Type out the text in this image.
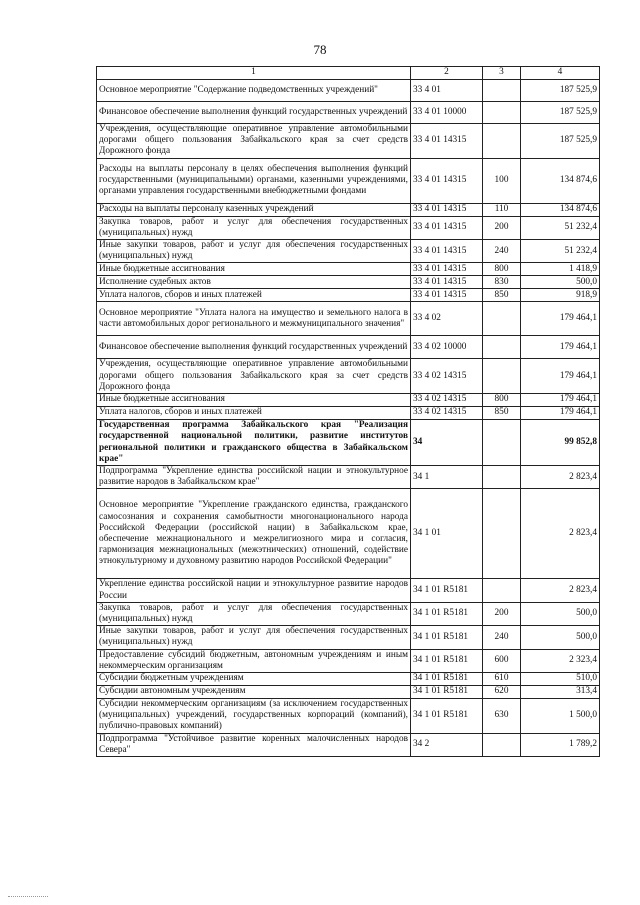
78
1	2	3	4
Основное мероприятие "Содержание подведомственных учреждений"	33 4 01		187 525,9
Финансовое обеспечение выполнения функций государственных учреждений	33 4 01 10000		187 525,9
Учреждения, осуществляющие оперативное управление автомобильными дорогами общего пользования Забайкальского края за счет средств Дорожного фонда	33 4 01 14315		187 525,9
Расходы на выплаты персоналу в целях обеспечения выполнения функций государственными (муниципальными) органами, казенными учреждениями, органами управления государственными внебюджетными фондами	33 4 01 14315	100	134 874,6
Расходы на выплаты персоналу казенных учреждений	33 4 01 14315	110	134 874,6
Закупка товаров, работ и услуг для обеспечения государственных (муниципальных) нужд	33 4 01 14315	200	51 232,4
Иные закупки товаров, работ и услуг для обеспечения государственных (муниципальных) нужд	33 4 01 14315	240	51 232,4
Иные бюджетные ассигнования	33 4 01 14315	800	1 418,9
Исполнение судебных актов	33 4 01 14315	830	500,0
Уплата налогов, сборов и иных платежей	33 4 01 14315	850	918,9
Основное мероприятие "Уплата налога на имущество и земельного налога в части автомобильных дорог регионального и межмуниципального значения"	33 4 02		179 464,1
Финансовое обеспечение выполнения функций государственных учреждений	33 4 02 10000		179 464,1
Учреждения, осуществляющие оперативное управление автомобильными дорогами общего пользования Забайкальского края за счет средств Дорожного фонда	33 4 02 14315		179 464,1
Иные бюджетные ассигнования	33 4 02 14315	800	179 464,1
Уплата налогов, сборов и иных платежей	33 4 02 14315	850	179 464,1
Государственная программа Забайкальского края "Реализация государственной национальной политики, развитие институтов региональной политики и гражданского общества в Забайкальском крае"	34		99 852,8
Подпрограмма "Укрепление единства российской нации и этнокультурное развитие народов в Забайкальском крае"	34 1		2 823,4
Основное мероприятие "Укрепление гражданского единства, гражданского самосознания и сохранения самобытности многонационального народа Российской Федерации (российской нации) в Забайкальском крае, обеспечение межнационального и межрелигиозного мира и согласия, гармонизация межнациональных (межэтнических) отношений, содействие этнокультурному и духовному развитию народов Российской Федерации"	34 1 01		2 823,4
Укрепление единства российской нации и этнокультурное развитие народов России	34 1 01 R5181		2 823,4
Закупка товаров, работ и услуг для обеспечения государственных (муниципальных) нужд	34 1 01 R5181	200	500,0
Иные закупки товаров, работ и услуг для обеспечения государственных (муниципальных) нужд	34 1 01 R5181	240	500,0
Предоставление субсидий бюджетным, автономным учреждениям и иным некоммерческим организациям	34 1 01 R5181	600	2 323,4
Субсидии бюджетным учреждениям	34 1 01 R5181	610	510,0
Субсидии автономным учреждениям	34 1 01 R5181	620	313,4
Субсидии некоммерческим организациям (за исключением государственных (муниципальных) учреждений, государственных корпораций (компаний), публично-правовых компаний)	34 1 01 R5181	630	1 500,0
Подпрограмма "Устойчивое развитие коренных малочисленных народов Севера"	34 2		1 789,2
